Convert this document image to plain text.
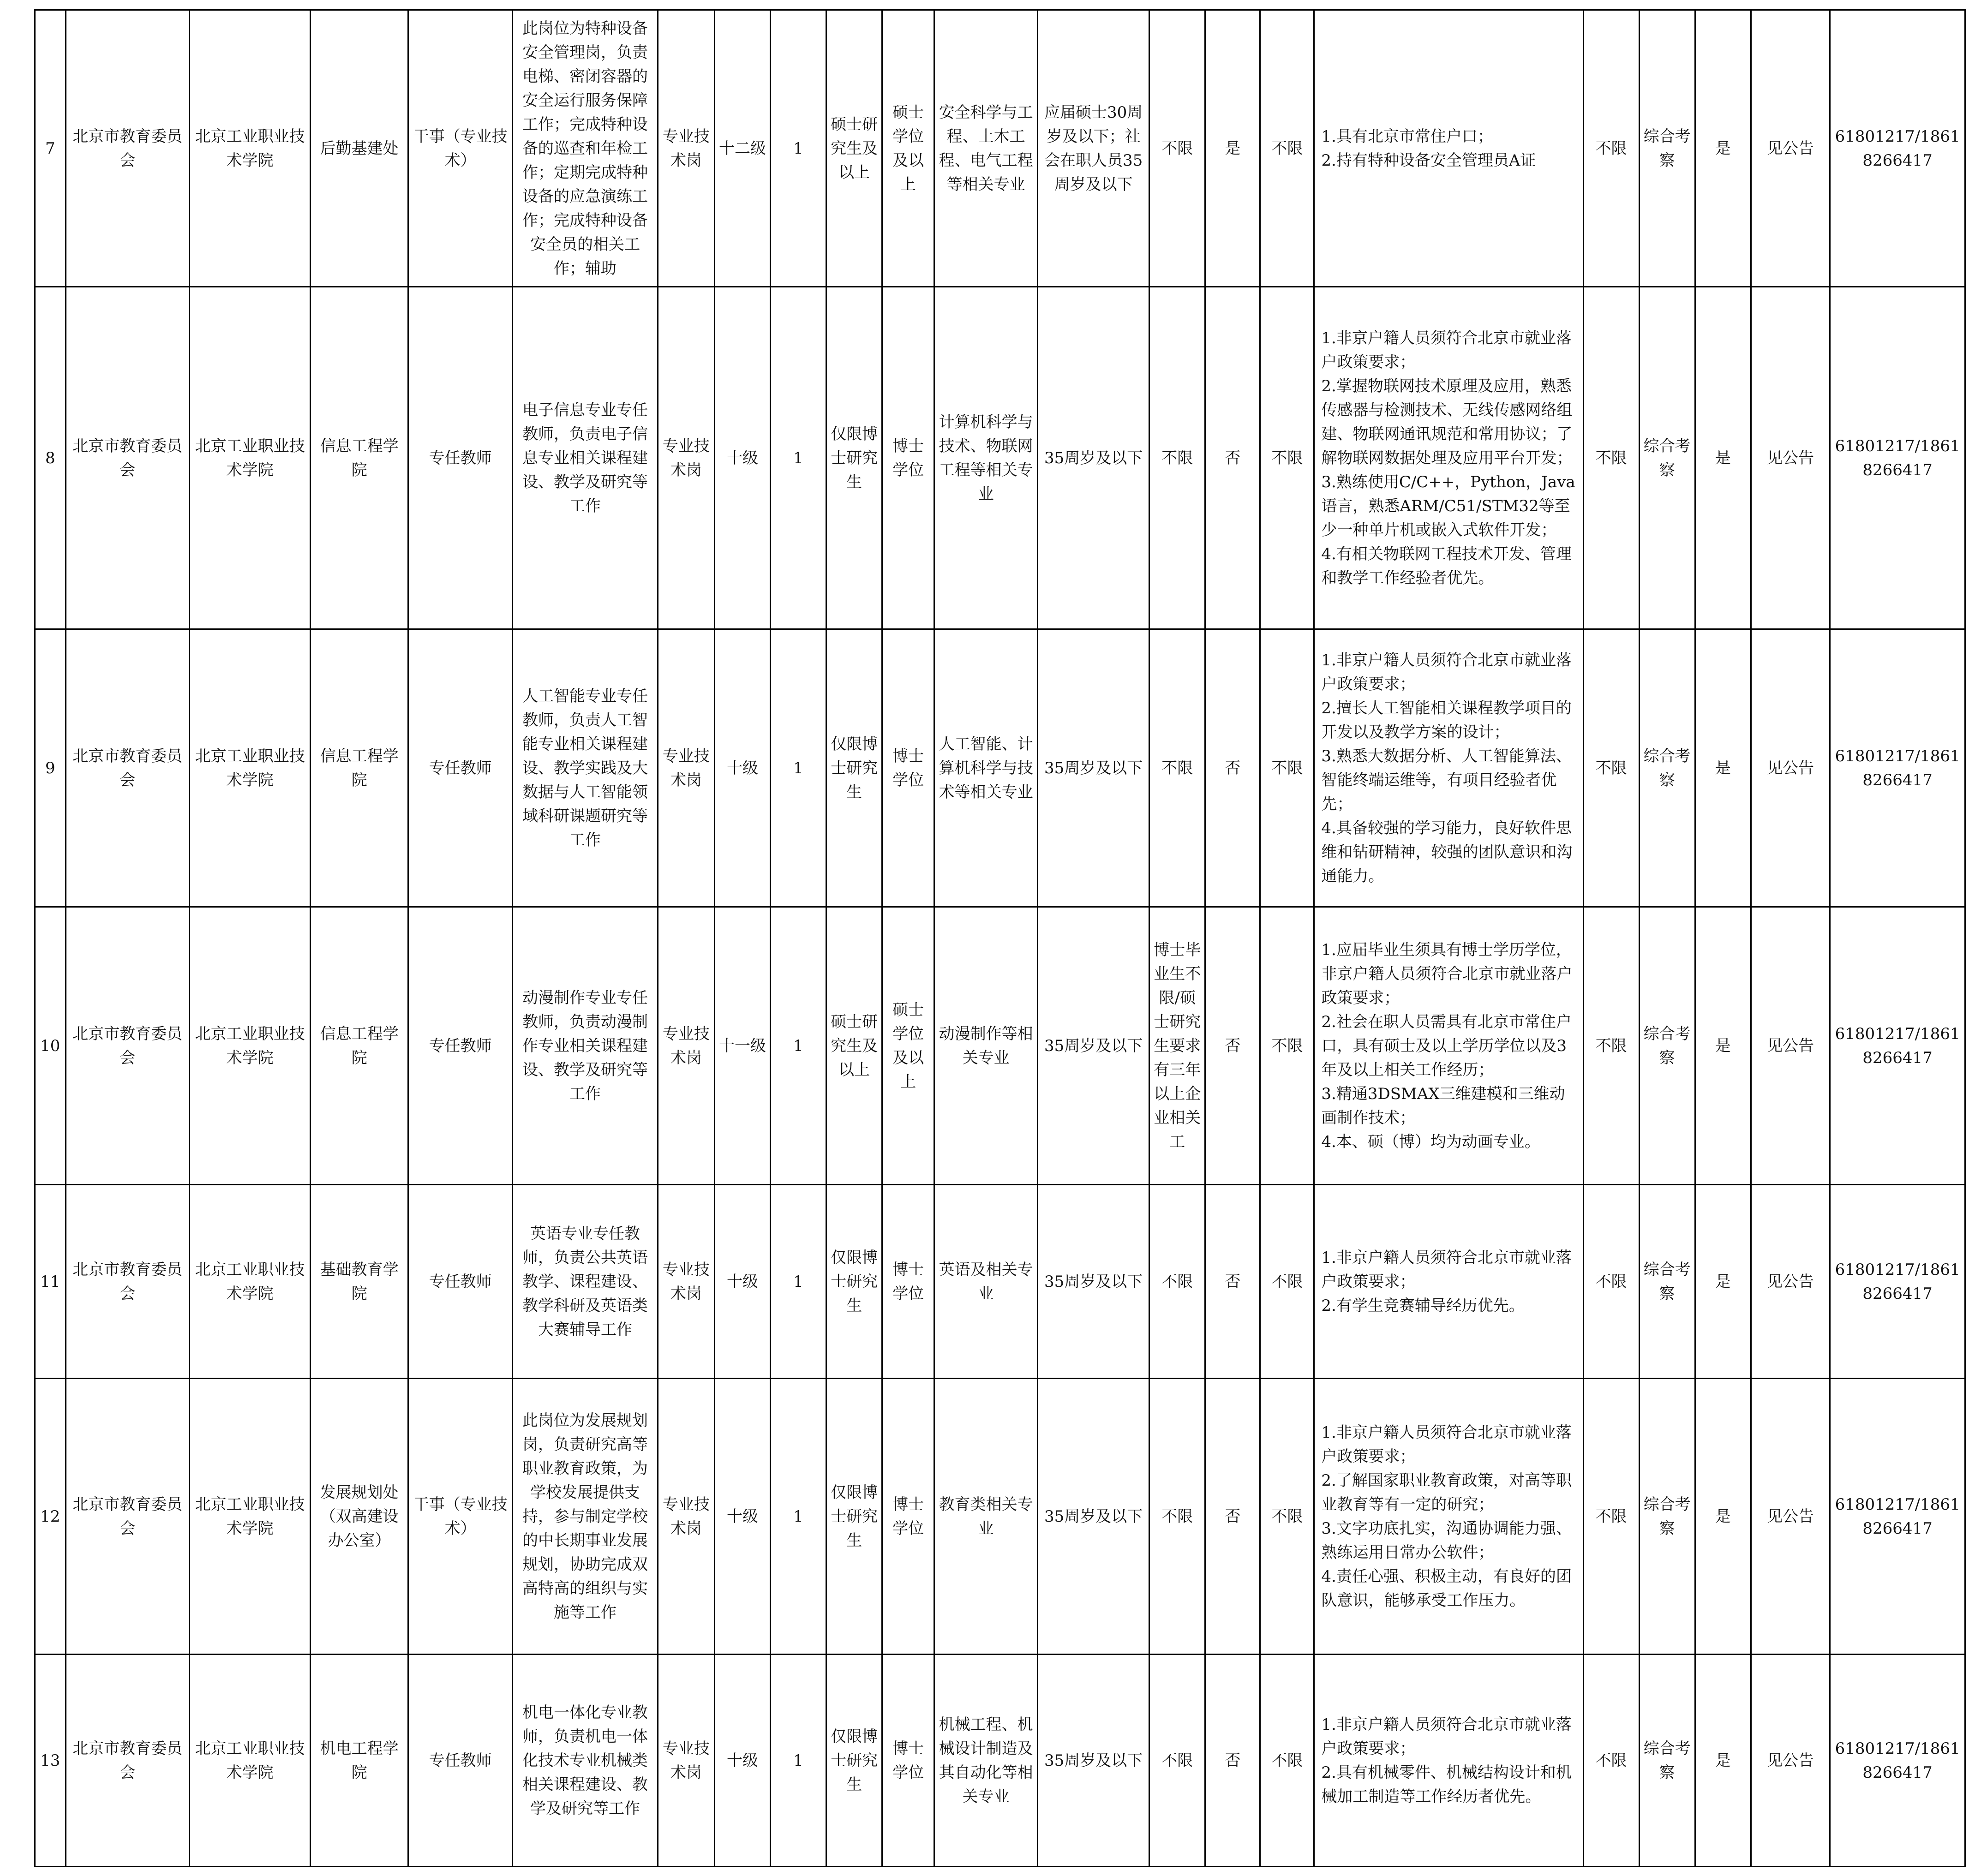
7	北京市教育委员会	北京工业职业技术学院	后勤基建处	干事（专业技术）	此岗位为特种设备安全管理岗，负责电梯、密闭容器的安全运行服务保障工作；完成特种设备的巡查和年检工作；定期完成特种设备的应急演练工作；完成特种设备安全员的相关工作；辅助	专业技术岗	十二级	1	硕士研究生及以上	硕士学位及以上	安全科学与工程、土木工程、电气工程等相关专业	应届硕士30周岁及以下；社会在职人员35周岁及以下	不限	是	不限	1.具有北京市常住户口；
2.持有特种设备安全管理员A证	不限	综合考察	是	见公告	61801217/18618266417
8	北京市教育委员会	北京工业职业技术学院	信息工程学院	专任教师	电子信息专业专任教师，负责电子信息专业相关课程建设、教学及研究等工作	专业技术岗	十级	1	仅限博士研究生	博士学位	计算机科学与技术、物联网工程等相关专业	35周岁及以下	不限	否	不限	1.非京户籍人员须符合北京市就业落户政策要求；
2.掌握物联网技术原理及应用，熟悉传感器与检测技术、无线传感网络组建、物联网通讯规范和常用协议；了解物联网数据处理及应用平台开发；
3.熟练使用C/C++，Python，Java语言，熟悉ARM/C51/STM32等至少一种单片机或嵌入式软件开发；
4.有相关物联网工程技术开发、管理和教学工作经验者优先。	不限	综合考察	是	见公告	61801217/18618266417
9	北京市教育委员会	北京工业职业技术学院	信息工程学院	专任教师	人工智能专业专任教师，负责人工智能专业相关课程建设、教学实践及大数据与人工智能领域科研课题研究等工作	专业技术岗	十级	1	仅限博士研究生	博士学位	人工智能、计算机科学与技术等相关专业	35周岁及以下	不限	否	不限	1.非京户籍人员须符合北京市就业落户政策要求；
2.擅长人工智能相关课程教学项目的开发以及教学方案的设计；
3.熟悉大数据分析、人工智能算法、智能终端运维等，有项目经验者优先；
4.具备较强的学习能力，良好软件思维和钻研精神，较强的团队意识和沟通能力。	不限	综合考察	是	见公告	61801217/18618266417
10	北京市教育委员会	北京工业职业技术学院	信息工程学院	专任教师	动漫制作专业专任教师，负责动漫制作专业相关课程建设、教学及研究等工作	专业技术岗	十一级	1	硕士研究生及以上	硕士学位及以上	动漫制作等相关专业	35周岁及以下	博士毕业生不限/硕士研究生要求有三年以上企业相关工	否	不限	1.应届毕业生须具有博士学历学位，非京户籍人员须符合北京市就业落户政策要求；
2.社会在职人员需具有北京市常住户口，具有硕士及以上学历学位以及3年及以上相关工作经历；
3.精通3DSMAX三维建模和三维动画制作技术；
4.本、硕（博）均为动画专业。	不限	综合考察	是	见公告	61801217/18618266417
11	北京市教育委员会	北京工业职业技术学院	基础教育学院	专任教师	英语专业专任教师，负责公共英语教学、课程建设、教学科研及英语类大赛辅导工作	专业技术岗	十级	1	仅限博士研究生	博士学位	英语及相关专业	35周岁及以下	不限	否	不限	1.非京户籍人员须符合北京市就业落户政策要求；
2.有学生竞赛辅导经历优先。	不限	综合考察	是	见公告	61801217/18618266417
12	北京市教育委员会	北京工业职业技术学院	发展规划处（双高建设办公室）	干事（专业技术）	此岗位为发展规划岗，负责研究高等职业教育政策，为学校发展提供支持，参与制定学校的中长期事业发展规划，协助完成双高特高的组织与实施等工作	专业技术岗	十级	1	仅限博士研究生	博士学位	教育类相关专业	35周岁及以下	不限	否	不限	1.非京户籍人员须符合北京市就业落户政策要求；
2.了解国家职业教育政策，对高等职业教育等有一定的研究；
3.文字功底扎实，沟通协调能力强、熟练运用日常办公软件；
4.责任心强、积极主动，有良好的团队意识，能够承受工作压力。	不限	综合考察	是	见公告	61801217/18618266417
13	北京市教育委员会	北京工业职业技术学院	机电工程学院	专任教师	机电一体化专业教师，负责机电一体化技术专业机械类相关课程建设、教学及研究等工作	专业技术岗	十级	1	仅限博士研究生	博士学位	机械工程、机械设计制造及其自动化等相关专业	35周岁及以下	不限	否	不限	1.非京户籍人员须符合北京市就业落户政策要求；
2.具有机械零件、机械结构设计和机械加工制造等工作经历者优先。	不限	综合考察	是	见公告	61801217/18618266417
